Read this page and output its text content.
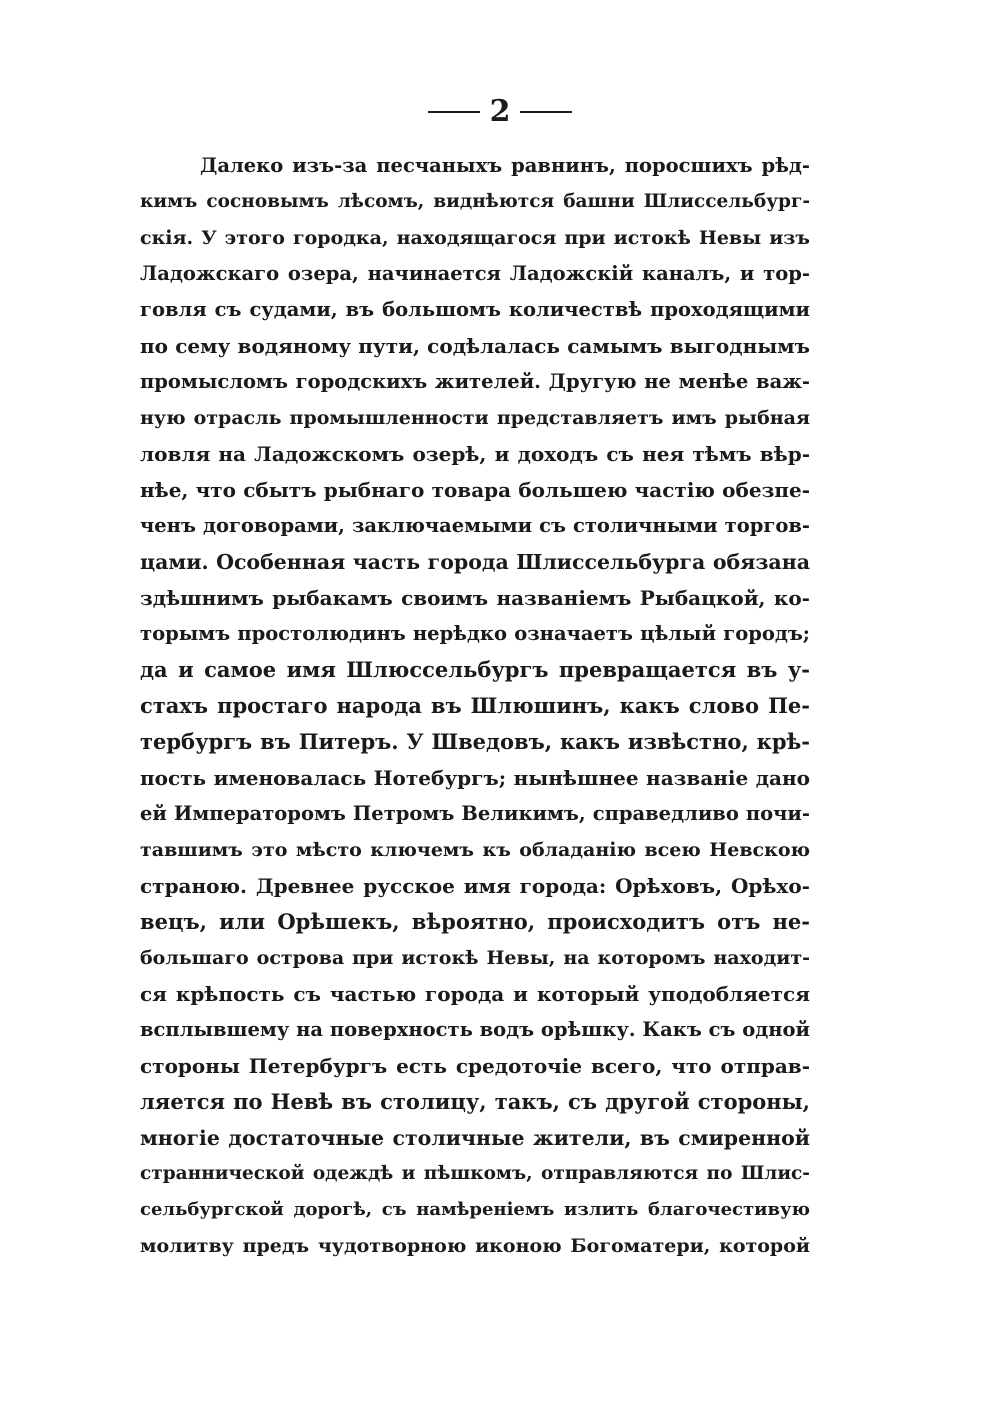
2
Далеко изъ-за песчаныхъ равнинъ, поросшихъ рѣд-
кимъ сосновымъ лѣсомъ, виднѣются башни Шлиссельбург-
скія. У этого городка, находящагося при истокѣ Невы изъ
Ладожскаго озера, начинается Ладожскій каналъ, и тор-
говля съ судами, въ большомъ количествѣ проходящими
по сему водяному пути, содѣлалась самымъ выгоднымъ
промысломъ городскихъ жителей. Другую не менѣе важ-
ную отрасль промышленности представляетъ имъ рыбная
ловля на Ладожскомъ озерѣ, и доходъ съ нея тѣмъ вѣр-
нѣе, что сбытъ рыбнаго товара большею частію обезпе-
ченъ договорами, заключаемыми съ столичными торгов-
цами. Особенная часть города Шлиссельбурга обязана
здѣшнимъ рыбакамъ своимъ названіемъ Рыбацкой, ко-
торымъ простолюдинъ нерѣдко означаетъ цѣлый городъ;
да и самое имя Шлюссельбургъ превращается въ у-
стахъ простаго народа въ Шлюшинъ, какъ слово Пе-
тербургъ въ Питеръ. У Шведовъ, какъ извѣстно, крѣ-
пость именовалась Нотебургъ; нынѣшнее названіе дано
ей Императоромъ Петромъ Великимъ, справедливо почи-
тавшимъ это мѣсто ключемъ къ обладанію всею Невскою
страною. Древнее русское имя города: Орѣховъ, Орѣхо-
вецъ, или Орѣшекъ, вѣроятно, происходитъ отъ не-
большаго острова при истокѣ Невы, на которомъ находит-
ся крѣпость съ частью города и который уподобляется
всплывшему на поверхность водъ орѣшку. Какъ съ одной
стороны Петербургъ есть средоточіе всего, что отправ-
ляется по Невѣ въ столицу, такъ, съ другой стороны,
многіе достаточные столичные жители, въ смиренной
страннической одеждѣ и пѣшкомъ, отправляются по Шлис-
сельбургской дорогѣ, съ намѣреніемъ излить благочестивую
молитву предъ чудотворною иконою Богоматери, которой
